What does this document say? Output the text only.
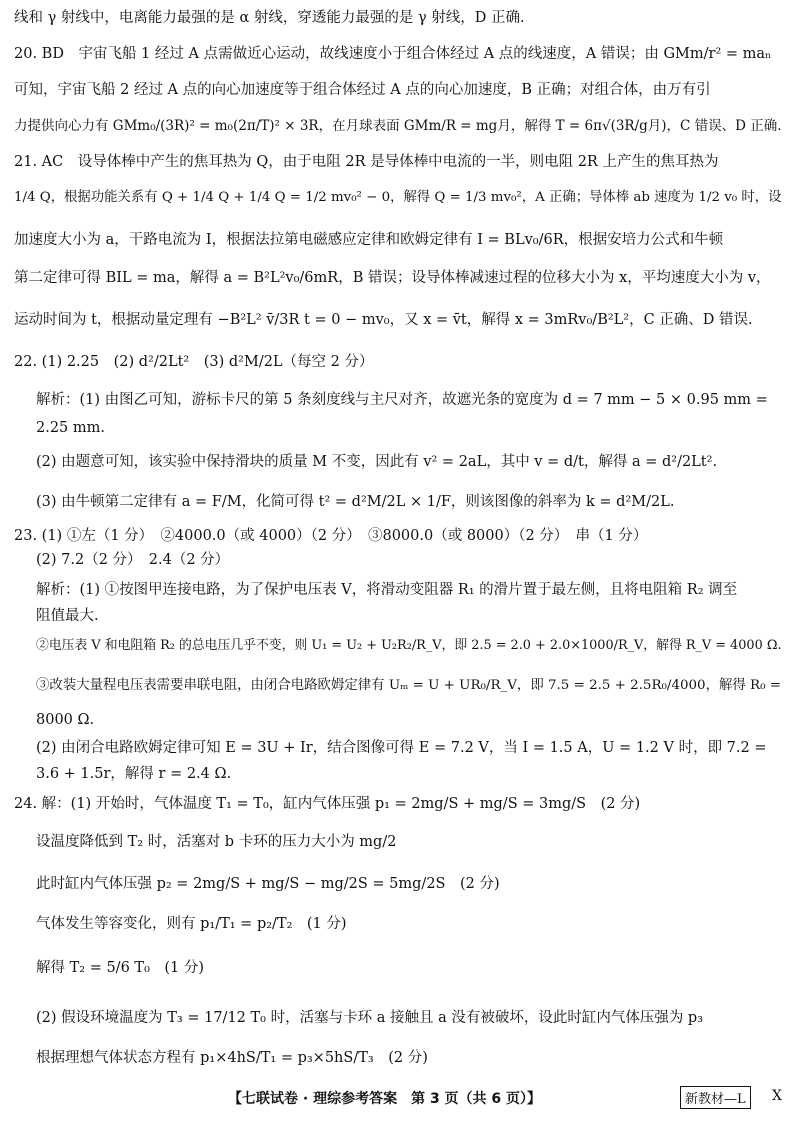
线和 γ 射线中，电离能力最强的是 α 射线，穿透能力最强的是 γ 射线，D 正确.
20. BD　宇宙飞船 1 经过 A 点需做近心运动，故线速度小于组合体经过 A 点的线速度，A 错误；由 GMm/r² = maₙ
可知，宇宙飞船 2 经过 A 点的向心加速度等于组合体经过 A 点的向心加速度，B 正确；对组合体，由万有引
力提供向心力有 GMm₀/(3R)² = m₀(2π/T)² × 3R，在月球表面 GMm/R = mg月，解得 T = 6π√(3R/g月)，C 错误、D 正确.
21. AC　设导体棒中产生的焦耳热为 Q，由于电阻 2R 是导体棒中电流的一半，则电阻 2R 上产生的焦耳热为
1/4 Q，根据功能关系有 Q + 1/4 Q + 1/4 Q = 1/2 mv₀² − 0，解得 Q = 1/3 mv₀²，A 正确；导体棒 ab 速度为 1/2 v₀ 时，设
加速度大小为 a，干路电流为 I，根据法拉第电磁感应定律和欧姆定律有 I = BLv₀/6R，根据安培力公式和牛顿
第二定律可得 BIL = ma，解得 a = B²L²v₀/6mR，B 错误；设导体棒减速过程的位移大小为 x，平均速度大小为 v，
运动时间为 t，根据动量定理有 −B²L² v̄/3R t = 0 − mv₀，又 x = v̄t，解得 x = 3mRv₀/B²L²，C 正确、D 错误.
22. (1) 2.25　(2) d²/2Lt²　(3) d²M/2L（每空 2 分）
解析：(1) 由图乙可知，游标卡尺的第 5 条刻度线与主尺对齐，故遮光条的宽度为 d = 7 mm − 5 × 0.95 mm =
2.25 mm.
(2) 由题意可知，该实验中保持滑块的质量 M 不变，因此有 v² = 2aL，其中 v = d/t，解得 a = d²/2Lt².
(3) 由牛顿第二定律有 a = F/M，化简可得 t² = d²M/2L × 1/F，则该图像的斜率为 k = d²M/2L.
23. (1) ①左（1 分）　②4000.0（或 4000）（2 分）　③8000.0（或 8000）（2 分）　串（1 分）
(2) 7.2（2 分）　2.4（2 分）
解析：(1) ①按图甲连接电路，为了保护电压表 V，将滑动变阻器 R₁ 的滑片置于最左侧，且将电阻箱 R₂ 调至
阻值最大.
②电压表 V 和电阻箱 R₂ 的总电压几乎不变，则 U₁ = U₂ + U₂R₂/R_V，即 2.5 = 2.0 + 2.0×1000/R_V，解得 R_V = 4000 Ω.
③改装大量程电压表需要串联电阻，由闭合电路欧姆定律有 Uₘ = U + UR₀/R_V，即 7.5 = 2.5 + 2.5R₀/4000，解得 R₀ =
8000 Ω.
(2) 由闭合电路欧姆定律可知 E = 3U + Ir，结合图像可得 E = 7.2 V，当 I = 1.5 A，U = 1.2 V 时，即 7.2 =
3.6 + 1.5r，解得 r = 2.4 Ω.
24. 解：(1) 开始时，气体温度 T₁ = T₀，缸内气体压强 p₁ = 2mg/S + mg/S = 3mg/S　(2 分)
设温度降低到 T₂ 时，活塞对 b 卡环的压力大小为 mg/2
此时缸内气体压强 p₂ = 2mg/S + mg/S − mg/2S = 5mg/2S　(2 分)
气体发生等容变化，则有 p₁/T₁ = p₂/T₂　(1 分)
解得 T₂ = 5/6 T₀　(1 分)
(2) 假设环境温度为 T₃ = 17/12 T₀ 时，活塞与卡环 a 接触且 a 没有被破坏，设此时缸内气体压强为 p₃
根据理想气体状态方程有 p₁×4hS/T₁ = p₃×5hS/T₃　(2 分)
【七联试卷 · 理综参考答案　第 3 页（共 6 页）】	新教材—L	X
